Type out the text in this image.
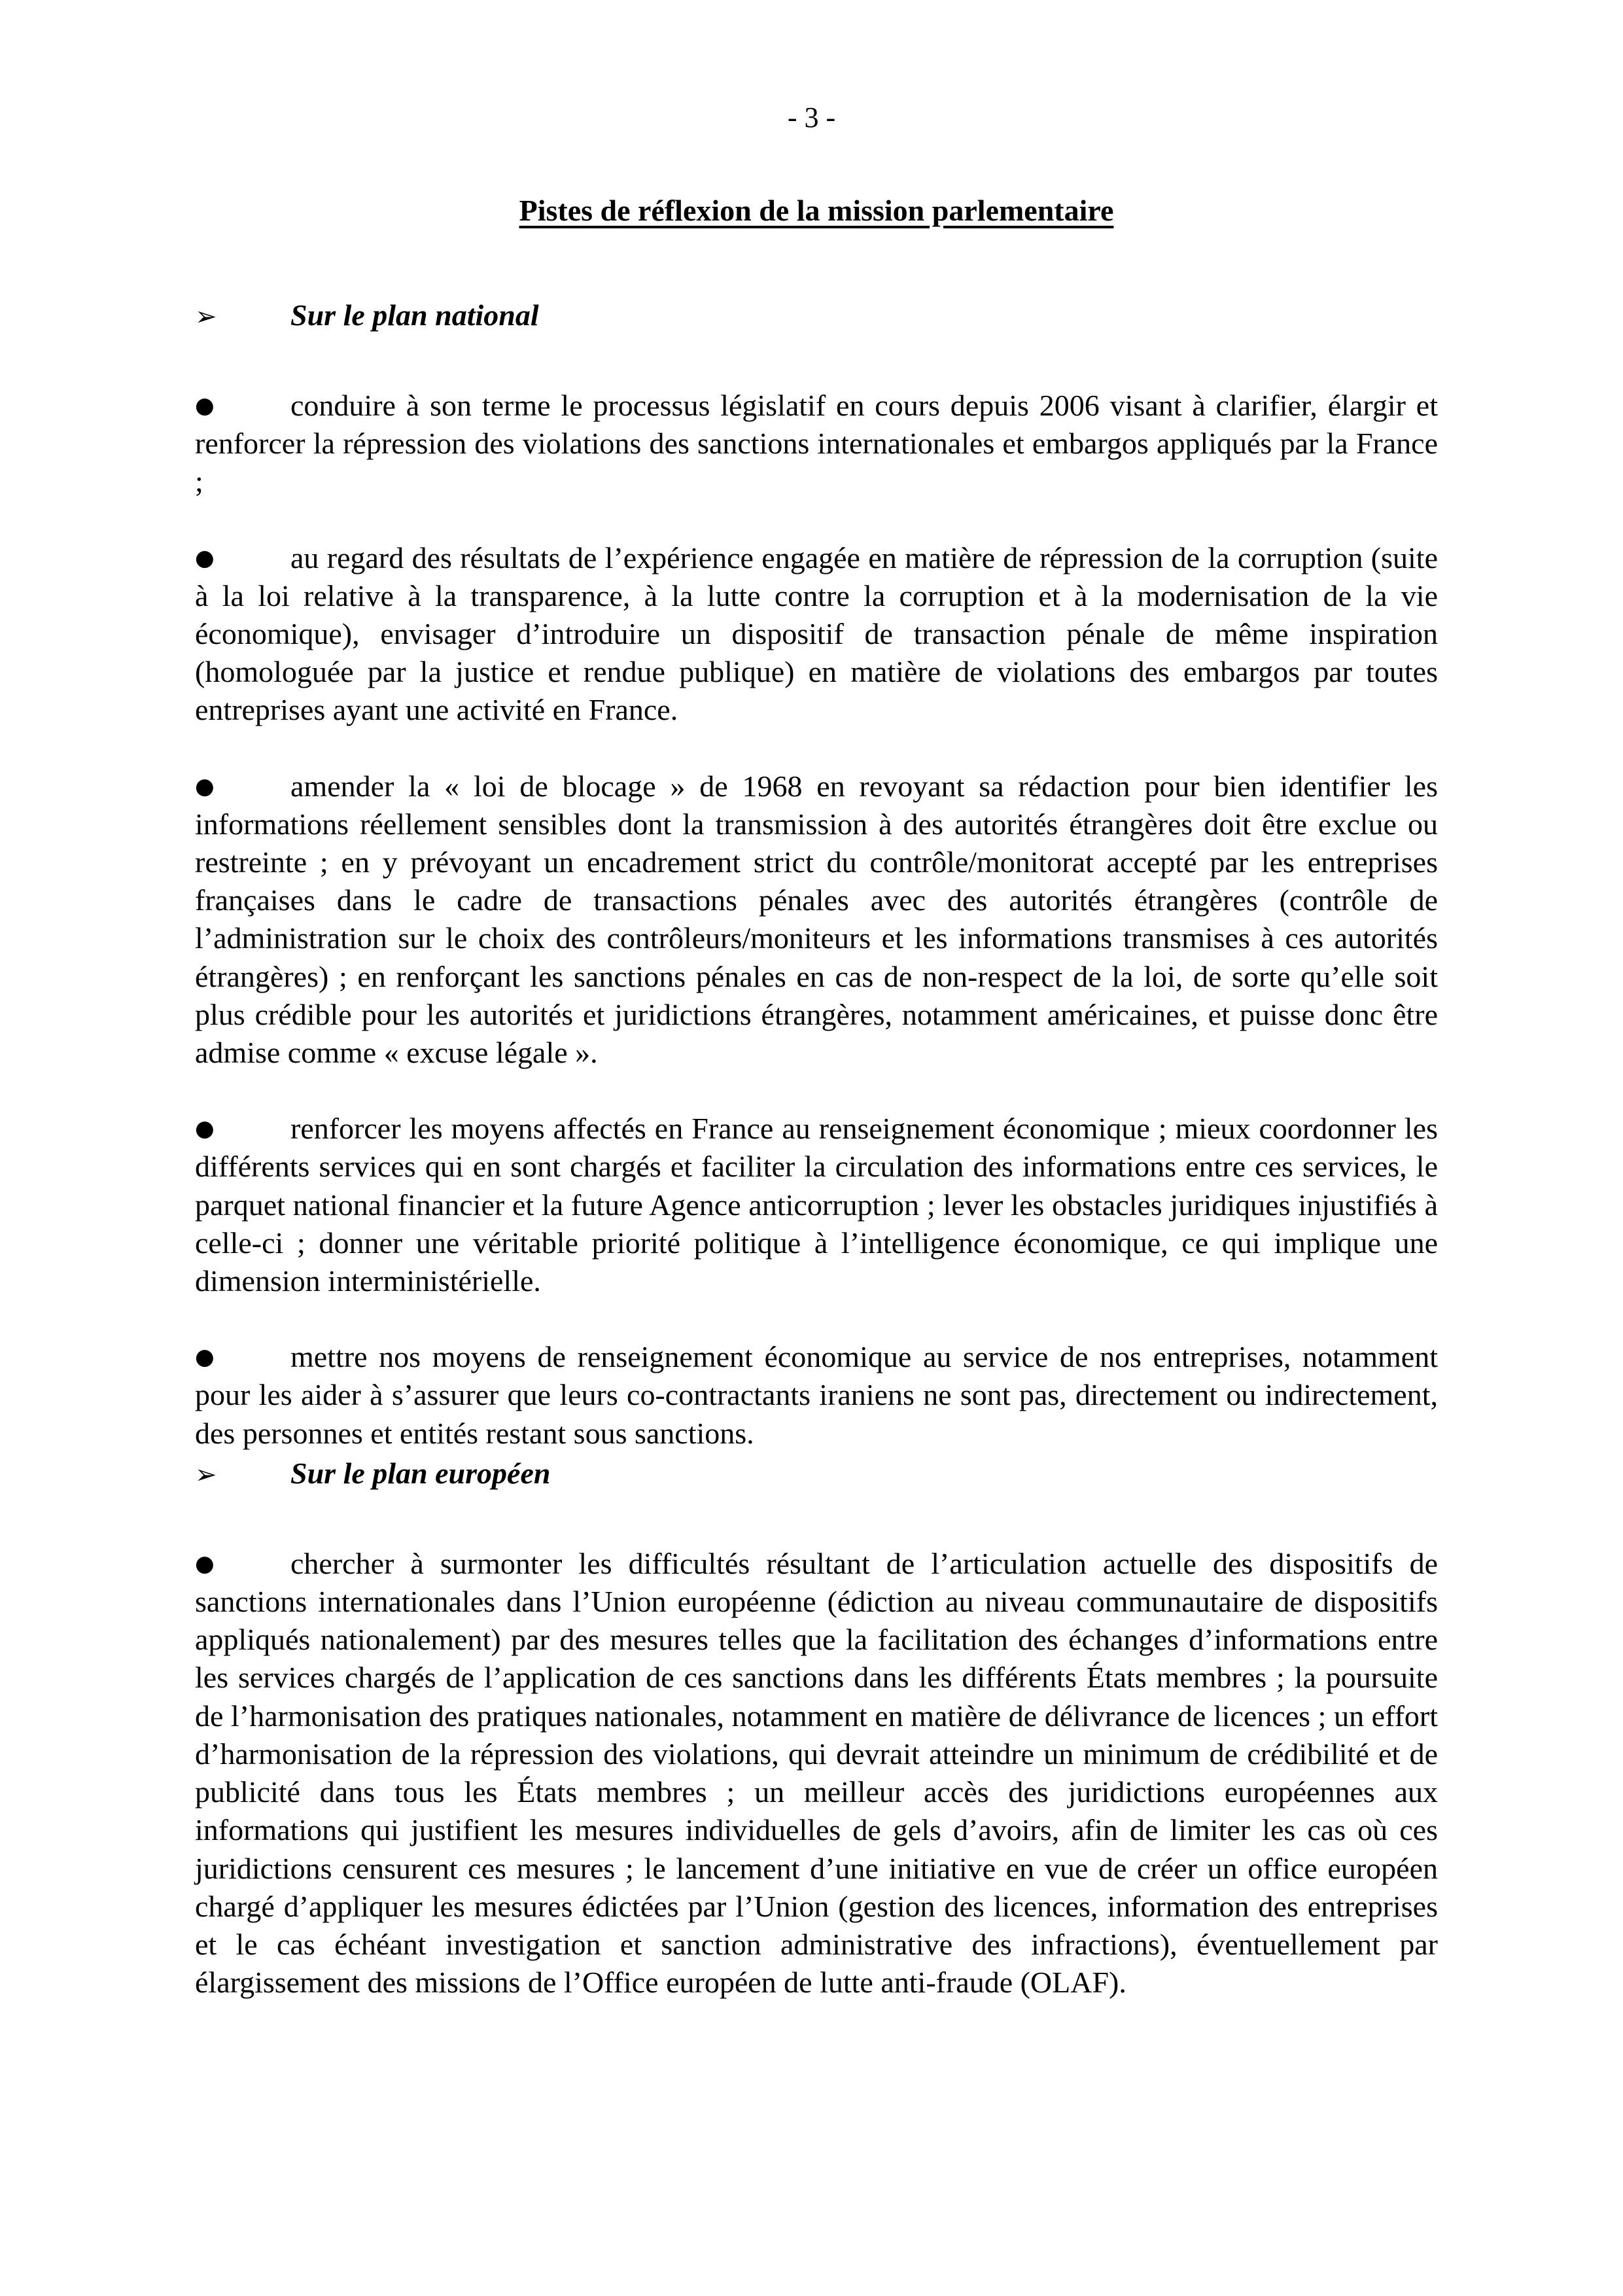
- 3 -
Pistes de réflexion de la mission parlementaire
➢	Sur le plan national

●	conduire à son terme le processus législatif en cours depuis 2006 visant à clarifier, élargir et renforcer la répression des violations des sanctions internationales et embargos appliqués par la France ;

●	au regard des résultats de l’expérience engagée en matière de répression de la corruption (suite à la loi relative à la transparence, à la lutte contre la corruption et à la modernisation de la vie économique), envisager d’introduire un dispositif de transaction pénale de même inspiration (homologuée par la justice et rendue publique) en matière de violations des embargos par toutes entreprises ayant une activité en France.

●	amender la « loi de blocage » de 1968 en revoyant sa rédaction pour bien identifier les informations réellement sensibles dont la transmission à des autorités étrangères doit être exclue ou restreinte ; en y prévoyant un encadrement strict du contrôle/monitorat accepté par les entreprises françaises dans le cadre de transactions pénales avec des autorités étrangères (contrôle de l’administration sur le choix des contrôleurs/moniteurs et les informations transmises à ces autorités étrangères) ; en renforçant les sanctions pénales en cas de non-respect de la loi, de sorte qu’elle soit plus crédible pour les autorités et juridictions étrangères, notamment américaines, et puisse donc être admise comme « excuse légale ».

●	renforcer les moyens affectés en France au renseignement économique ; mieux coordonner les différents services qui en sont chargés et faciliter la circulation des informations entre ces services, le parquet national financier et la future Agence anticorruption ; lever les obstacles juridiques injustifiés à celle-ci ; donner une véritable priorité politique à l’intelligence économique, ce qui implique une dimension interministérielle.

●	mettre nos moyens de renseignement économique au service de nos entreprises, notamment pour les aider à s’assurer que leurs co-contractants iraniens ne sont pas, directement ou indirectement, des personnes et entités restant sous sanctions.

➢	Sur le plan européen

●	chercher à surmonter les difficultés résultant de l’articulation actuelle des dispositifs de sanctions internationales dans l’Union européenne (édiction au niveau communautaire de dispositifs appliqués nationalement) par des mesures telles que la facilitation des échanges d’informations entre les services chargés de l’application de ces sanctions dans les différents États membres ; la poursuite de l’harmonisation des pratiques nationales, notamment en matière de délivrance de licences ; un effort d’harmonisation de la répression des violations, qui devrait atteindre un minimum de crédibilité et de publicité dans tous les États membres ; un meilleur accès des juridictions européennes aux informations qui justifient les mesures individuelles de gels d’avoirs, afin de limiter les cas où ces juridictions censurent ces mesures ; le lancement d’une initiative en vue de créer un office européen chargé d’appliquer les mesures édictées par l’Union (gestion des licences, information des entreprises et le cas échéant investigation et sanction administrative des infractions), éventuellement par élargissement des missions de l’Office européen de lutte anti-fraude (OLAF).
